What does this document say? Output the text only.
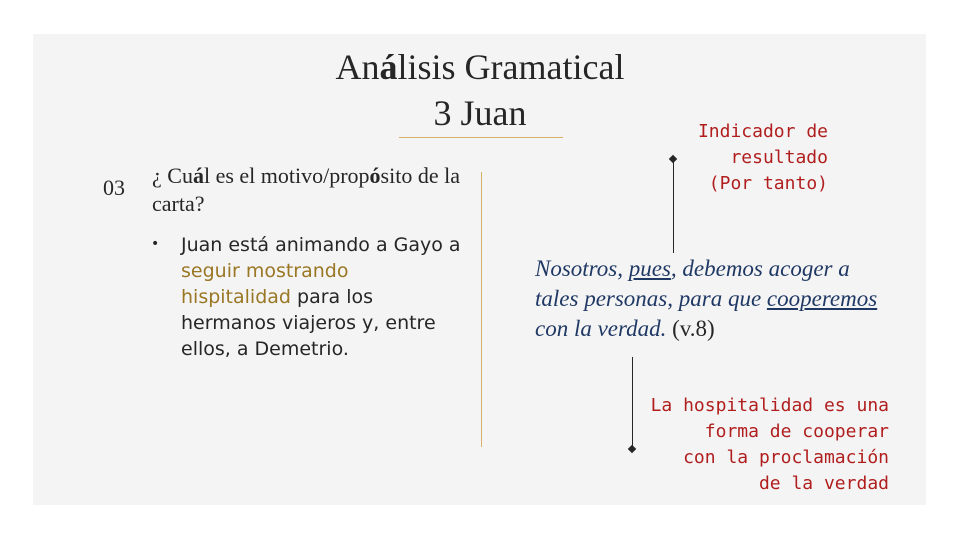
Análisis Gramatical
3 Juan
03 ¿ Cuál es el motivo/propósito de la carta?
• Juan está animando a Gayo a seguir mostrando hispitalidad para los hermanos viajeros y, entre ellos, a Demetrio.
Indicador de
resultado
(Por tanto)
Nosotros, pues, debemos acoger a tales personas, para que cooperemos con la verdad. (v.8)
La hospitalidad es una
forma de cooperar
con la proclamación
de la verdad
